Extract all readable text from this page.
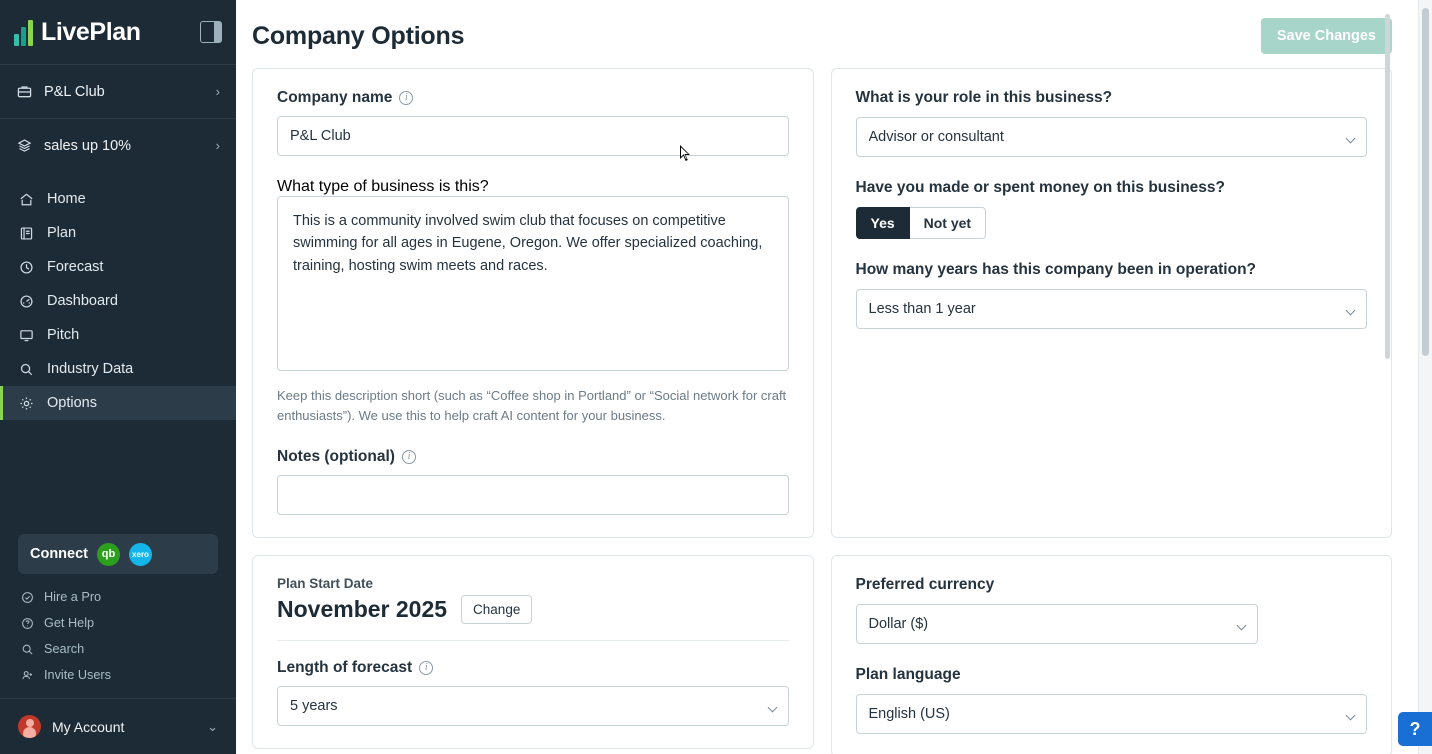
LivePlan
P&L Club	›
sales up 10%	›
Home
Plan
Forecast
Dashboard
Pitch
Industry Data
Options
Connect	qb	xero
Hire a Pro
Get Help
Search
Invite Users
My Account	⌄
Company Options	Save Changes
Company name	i
P&L Club
What type of business is this?
This is a community involved swim club that focuses on competitive swimming for all ages in Eugene, Oregon. We offer specialized coaching, training, hosting swim meets and races.

Keep this description short (such as “Coffee shop in Portland” or “Social network for craft enthusiasts”). We use this to help craft AI content for your business.

Notes (optional)	i
Plan Start Date
November 2025	Change
Length of forecast	i
5 years
What is your role in this business?
Advisor or consultant
Have you made or spent money on this business?
Yes	Not yet
How many years has this company been in operation?
Less than 1 year
Preferred currency
Dollar ($)
Plan language
English (US)
?
